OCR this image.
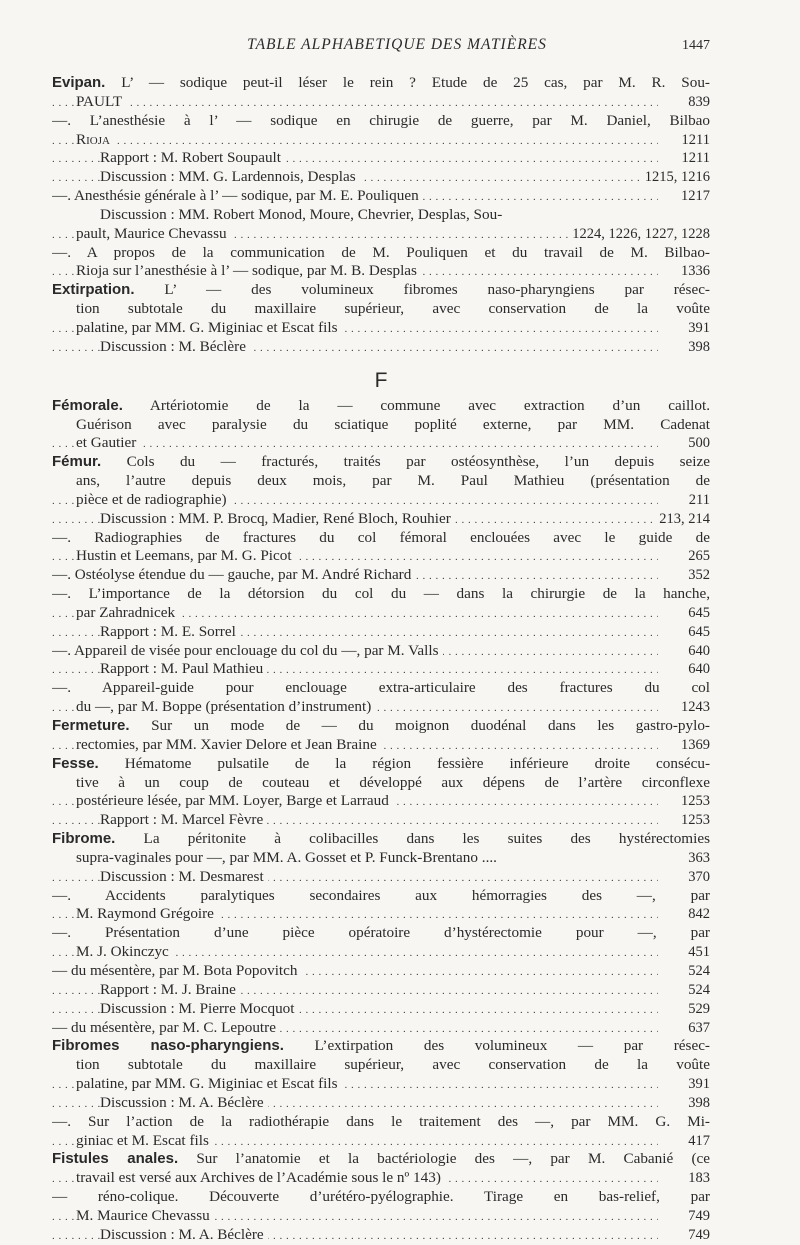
TABLE ALPHABETIQUE DES MATIÈRES	1447
Evipan. L’ — sodique peut-il léser le rein ? Etude de 25 cas, par M. R. Sou-
. . . PAULT	839
—. L’anesthésie à l’ — sodique en chirugie de guerre, par M. Daniel, Bilbao
. . . Rioja	1211
. . . Rapport : M. Robert Soupault	1211
. . . Discussion : MM. G. Lardennois, Desplas	1215, 1216
. . . —. Anesthésie générale à l’ — sodique, par M. E. Pouliquen	1217
Discussion : MM. Robert Monod, Moure, Chevrier, Desplas, Sou-
. . . pault, Maurice Chevassu	1224, 1226, 1227, 1228
—. A propos de la communication de M. Pouliquen et du travail de M. Bilbao-
. . . Rioja sur l’anesthésie à l’ — sodique, par M. B. Desplas	1336
Extirpation. L’ — des volumineux fibromes naso-pharyngiens par résec-
tion subtotale du maxillaire supérieur, avec conservation de la voûte
. . . palatine, par MM. G. Miginiac et Escat fils	391
. . . Discussion : M. Béclère	398
F
Fémorale. Artériotomie de la — commune avec extraction d’un caillot.
Guérison avec paralysie du sciatique poplité externe, par MM. Cadenat
. . . et Gautier	500
Fémur. Cols du — fracturés, traités par ostéosynthèse, l’un depuis seize
ans, l’autre depuis deux mois, par M. Paul Mathieu (présentation de
. . . pièce et de radiographie)	211
. . . Discussion : MM. P. Brocq, Madier, René Bloch, Rouhier	213, 214
—. Radiographies de fractures du col fémoral enclouées avec le guide de
. . . Hustin et Leemans, par M. G. Picot	265
. . . —. Ostéolyse étendue du — gauche, par M. André Richard	352
—. L’importance de la détorsion du col du — dans la chirurgie de la hanche,
. . . par Zahradnicek	645
. . . Rapport : M. E. Sorrel	645
. . . —. Appareil de visée pour enclouage du col du —, par M. Valls	640
. . . Rapport : M. Paul Mathieu	640
—. Appareil-guide pour enclouage extra-articulaire des fractures du col
. . . du —, par M. Boppe (présentation d’instrument)	1243
Fermeture. Sur un mode de — du moignon duodénal dans les gastro-pylo-
. . . rectomies, par MM. Xavier Delore et Jean Braine	1369
Fesse. Hématome pulsatile de la région fessière inférieure droite consécu-
tive à un coup de couteau et développé aux dépens de l’artère circonflexe
. . . postérieure lésée, par MM. Loyer, Barge et Larraud	1253
. . . Rapport : M. Marcel Fèvre	1253
Fibrome. La péritonite à colibacilles dans les suites des hystérectomies
supra-vaginales pour —, par MM. A. Gosset et P. Funck-Brentano ....	363
. . . Discussion : M. Desmarest	370
—. Accidents paralytiques secondaires aux hémorragies des —, par
. . . M. Raymond Grégoire	842
—. Présentation d’une pièce opératoire d’hystérectomie pour —, par
. . . M. J. Okinczyc	451
. . . — du mésentère, par M. Bota Popovitch	524
. . . Rapport : M. J. Braine	524
. . . Discussion : M. Pierre Mocquot	529
. . . — du mésentère, par M. C. Lepoutre	637
Fibromes naso-pharyngiens. L’extirpation des volumineux — par résec-
tion subtotale du maxillaire supérieur, avec conservation de la voûte
. . . palatine, par MM. G. Miginiac et Escat fils	391
. . . Discussion : M. A. Béclère	398
—. Sur l’action de la radiothérapie dans le traitement des —, par MM. G. Mi-
. . . giniac et M. Escat fils	417
Fistules anales. Sur l’anatomie et la bactériologie des —, par M. Cabanié (ce
. . . travail est versé aux Archives de l’Académie sous le nº 143)	183
— réno-colique. Découverte d’urétéro-pyélographie. Tirage en bas-relief, par
. . . M. Maurice Chevassu	749
. . . Discussion : M. A. Béclère	749
